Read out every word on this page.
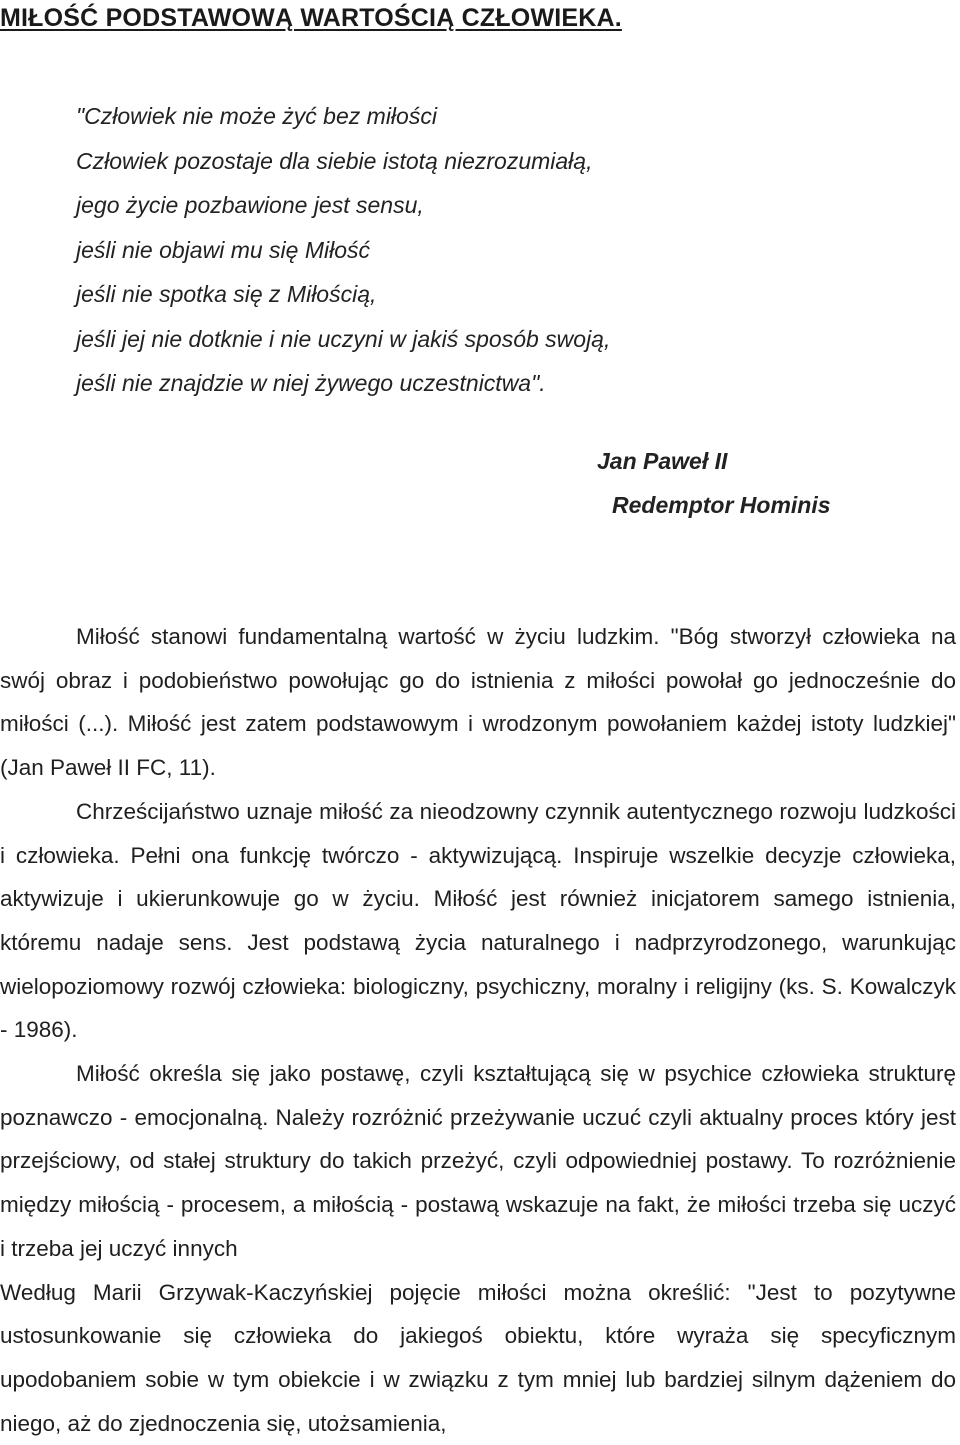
MIŁOŚĆ PODSTAWOWĄ WARTOŚCIĄ CZŁOWIEKA.
"Człowiek nie może żyć bez miłości
Człowiek pozostaje dla siebie istotą niezrozumiałą,
jego życie pozbawione jest sensu,
jeśli nie objawi mu się Miłość
jeśli nie spotka się z Miłością,
jeśli jej nie dotknie i nie uczyni w jakiś sposób swoją,
jeśli nie znajdzie w niej żywego uczestnictwa".
Jan Paweł II
Redemptor Hominis

Miłość stanowi fundamentalną wartość w życiu ludzkim. "Bóg stworzył człowieka na swój obraz i podobieństwo powołując go do istnienia z miłości powołał go jednocześnie do miłości (...). Miłość jest zatem podstawowym i wrodzonym powołaniem każdej istoty ludzkiej" (Jan Paweł II FC, 11).

Chrześcijaństwo uznaje miłość za nieodzowny czynnik autentycznego rozwoju ludzkości i człowieka. Pełni ona funkcję twórczo - aktywizującą. Inspiruje wszelkie decyzje człowieka, aktywizuje i ukierunkowuje go w życiu. Miłość jest również inicjatorem samego istnienia, któremu nadaje sens. Jest podstawą życia naturalnego i nadprzyrodzonego, warunkując wielopoziomowy rozwój człowieka: biologiczny, psychiczny, moralny i religijny (ks. S. Kowalczyk - 1986).

Miłość określa się jako postawę, czyli kształtującą się w psychice człowieka strukturę poznawczo - emocjonalną. Należy rozróżnić przeżywanie uczuć czyli aktualny proces który jest przejściowy, od stałej struktury do takich przeżyć, czyli odpowiedniej postawy. To rozróżnienie między miłością - procesem, a miłością - postawą wskazuje na fakt, że miłości trzeba się uczyć i trzeba jej uczyć innych

Według Marii Grzywak-Kaczyńskiej pojęcie miłości można określić: "Jest to pozytywne ustosunkowanie się człowieka do jakiegoś obiektu, które wyraża się specyficznym upodobaniem sobie w tym obiekcie i w związku z tym mniej lub bardziej silnym dążeniem do niego, aż do zjednoczenia się, utożsamienia,
